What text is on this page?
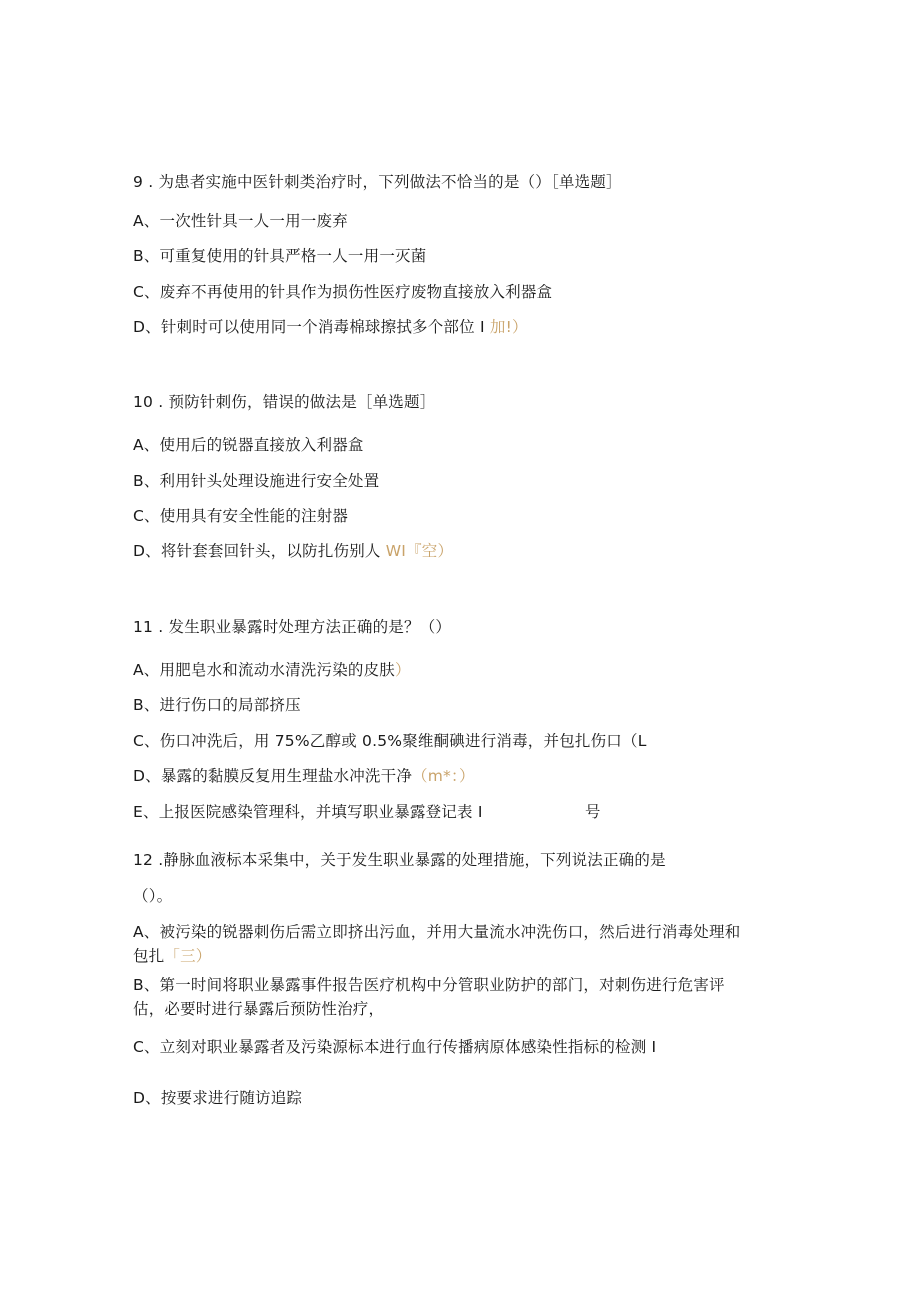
9 . 为患者实施中医针刺类治疗时，下列做法不恰当的是（）［单选题］
A、一次性针具一人一用一废弃
B、可重复使用的针具严格一人一用一灭菌
C、废弃不再使用的针具作为损伤性医疗废物直接放入利器盒
D、针刺时可以使用同一个消毒棉球擦拭多个部位 I 加!）
10 . 预防针刺伤，错误的做法是［单选题］
A、使用后的锐器直接放入利器盒
B、利用针头处理设施进行安全处置
C、使用具有安全性能的注射器
D、将针套套回针头，以防扎伤别人 WI『空）
11 . 发生职业暴露时处理方法正确的是？（）
A、用肥皂水和流动水清洗污染的皮肤）
B、进行伤口的局部挤压
C、伤口冲洗后，用 75%乙醇或 0.5%聚维酮碘进行消毒，并包扎伤口（L
D、暴露的黏膜反复用生理盐水冲洗干净（m*：）
E、上报医院感染管理科，并填写职业暴露登记表 I	号
12 .静脉血液标本采集中，关于发生职业暴露的处理措施，下列说法正确的是
（）。
A、被污染的锐器刺伤后需立即挤出污血，并用大量流水冲洗伤口，然后进行消毒处理和
包扎「三）
B、第一时间将职业暴露事件报告医疗机构中分管职业防护的部门，对刺伤进行危害评
估，必要时进行暴露后预防性治疗，
C、立刻对职业暴露者及污染源标本进行血行传播病原体感染性指标的检测 I
D、按要求进行随访追踪
